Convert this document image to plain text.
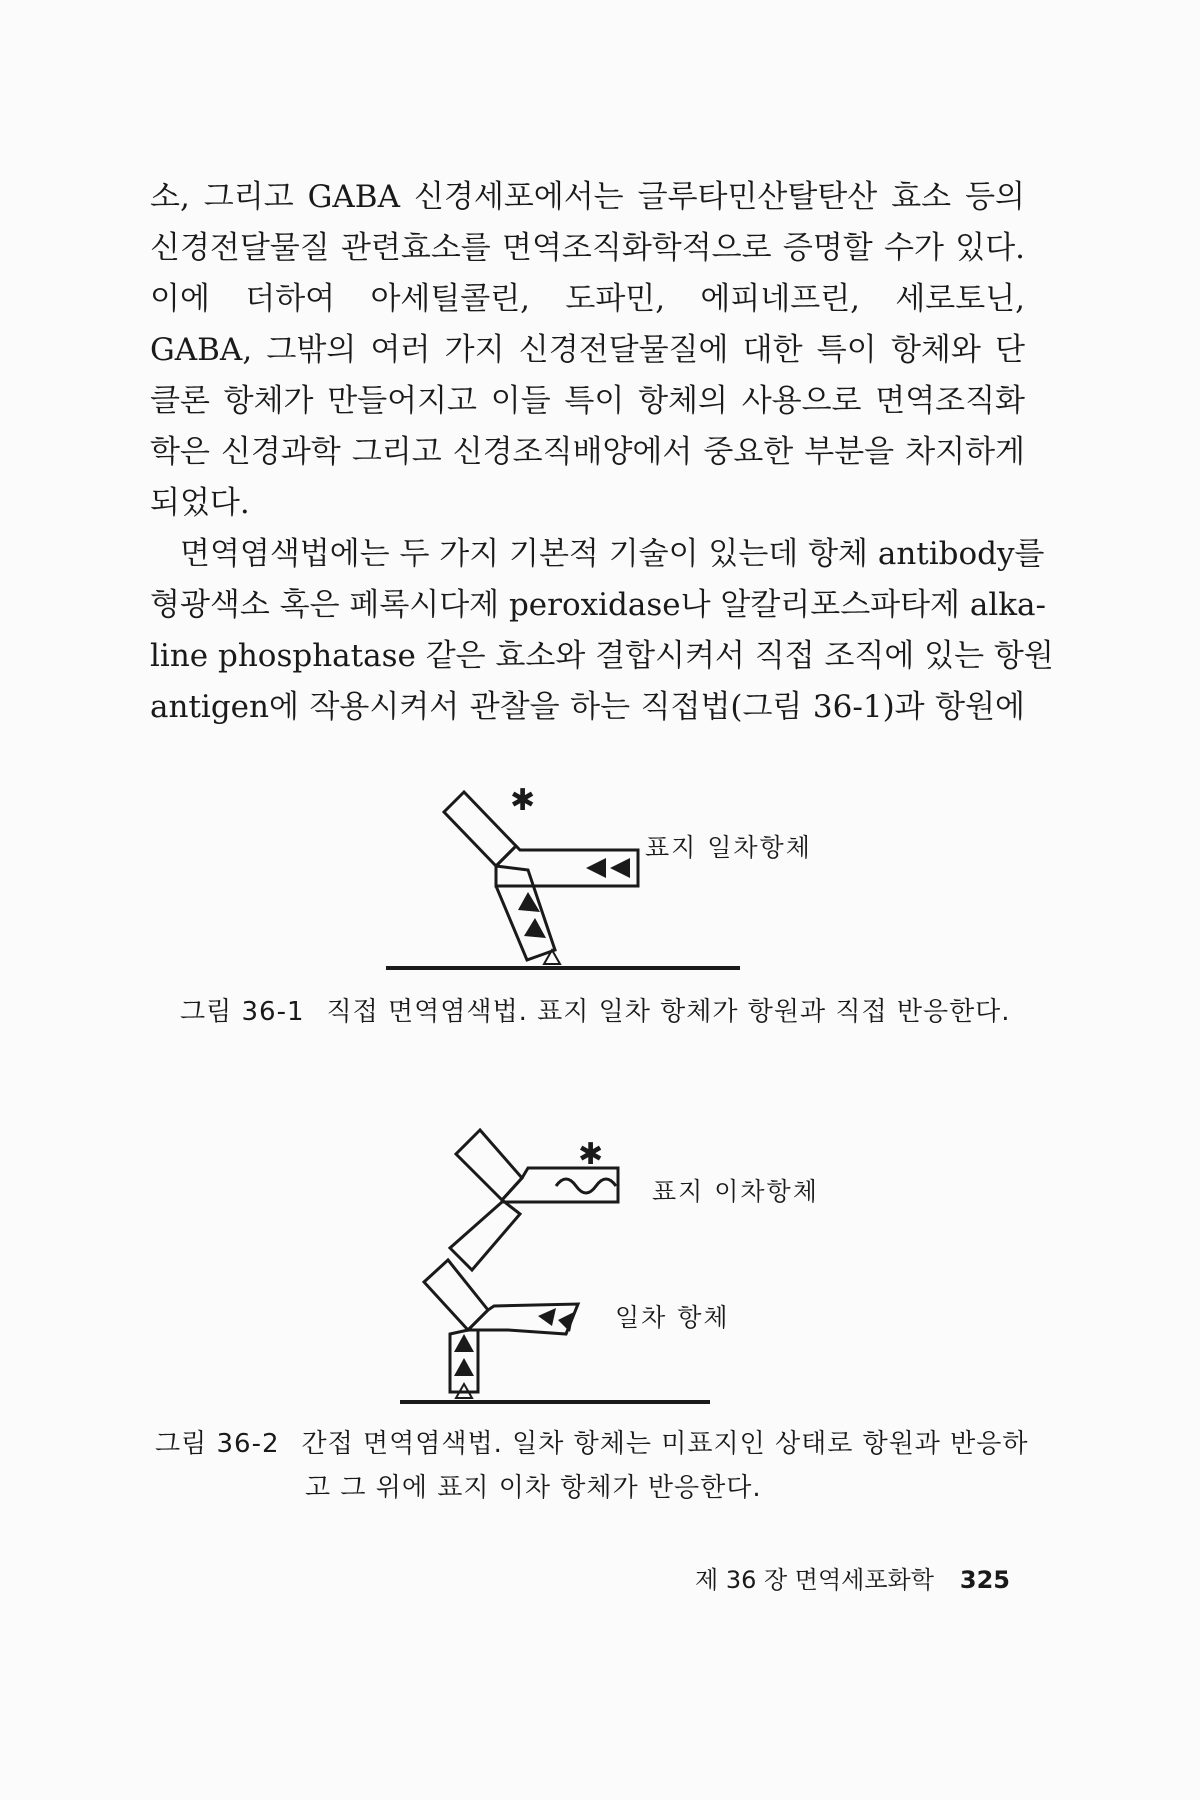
소, 그리고 GABA 신경세포에서는 글루타민산탈탄산 효소 등의
신경전달물질 관련효소를 면역조직화학적으로 증명할 수가 있다.
이에 더하여 아세틸콜린, 도파민, 에피네프린, 세로토닌,
GABA, 그밖의 여러 가지 신경전달물질에 대한 특이 항체와 단
클론 항체가 만들어지고 이들 특이 항체의 사용으로 면역조직화
학은 신경과학 그리고 신경조직배양에서 중요한 부분을 차지하게
되었다.
면역염색법에는 두 가지 기본적 기술이 있는데 항체 antibody를
형광색소 혹은 페록시다제 peroxidase나 알칼리포스파타제 alka-
line phosphatase 같은 효소와 결합시켜서 직접 조직에 있는 항원
antigen에 작용시켜서 관찰을 하는 직접법(그림 36-1)과 항원에
✱
표지 일차항체
그림 36-1 직접 면역염색법. 표지 일차 항체가 항원과 직접 반응한다.
✱
표지 이차항체
일차 항체
그림 36-2 간접 면역염색법. 일차 항체는 미표지인 상태로 항원과 반응하
고 그 위에 표지 이차 항체가 반응한다.
제 36 장 면역세포화학 325
